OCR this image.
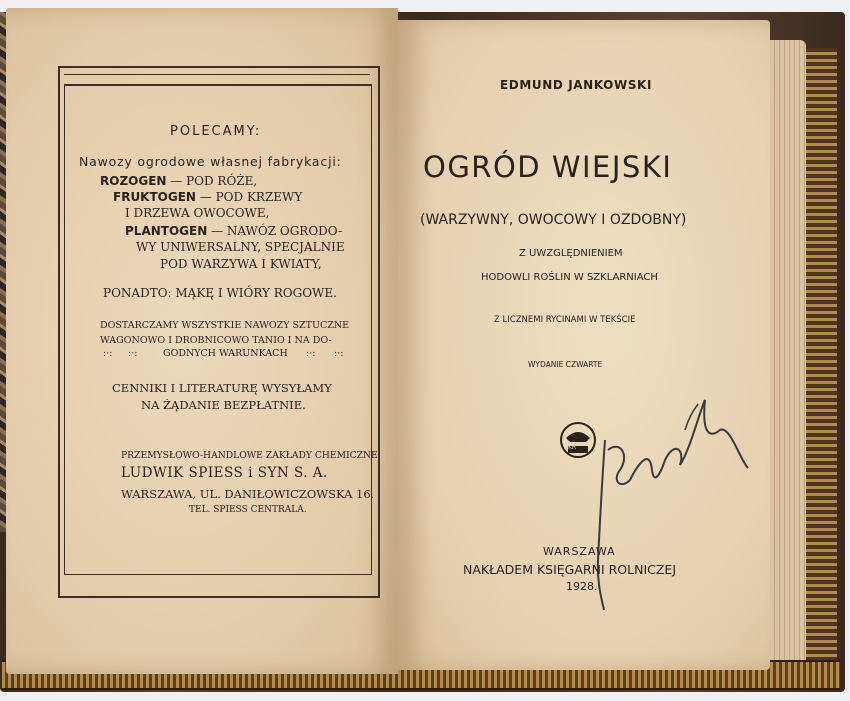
POLECAMY:
Nawozy ogrodowe własnej fabrykacji:
ROZOGEN — POD RÓŻE,
FRUKTOGEN — POD KRZEWY
I DRZEWA OWOCOWE,
PLANTOGEN — NAWÓZ OGRODO-
WY UNIWERSALNY, SPECJALNIE
POD WARZYWA I KWIATY,
PONADTO: MĄKĘ I WIÓRY ROGOWE.
DOSTARCZAMY WSZYSTKIE NAWOZY SZTUCZNE
WAGONOWO I DROBNICOWO TANIO I NA DO-
:·: :·:	GODNYCH WARUNKACH :·: :·:
CENNIKI I LITERATURĘ WYSYŁAMY
NA ŻĄDANIE BEZPŁATNIE.
PRZEMYSŁOWO-HANDLOWE ZAKŁADY CHEMICZNE
LUDWIK SPIESS i SYN S. A.
WARSZAWA, UL. DANIŁOWICZOWSKA 16.
TEL. SPIESS CENTRALA.
EDMUND JANKOWSKI
OGRÓD WIEJSKI
(WARZYWNY, OWOCOWY I OZDOBNY)
Z UWZGLĘDNIENIEM
HODOWLI ROŚLIN W SZKLARNIACH
Z LICZNEMI RYCINAMI W TEKŚCIE
WYDANIE CZWARTE
KR
WARSZAWA
NAKŁADEM KSIĘGARNI ROLNICZEJ
1928.
